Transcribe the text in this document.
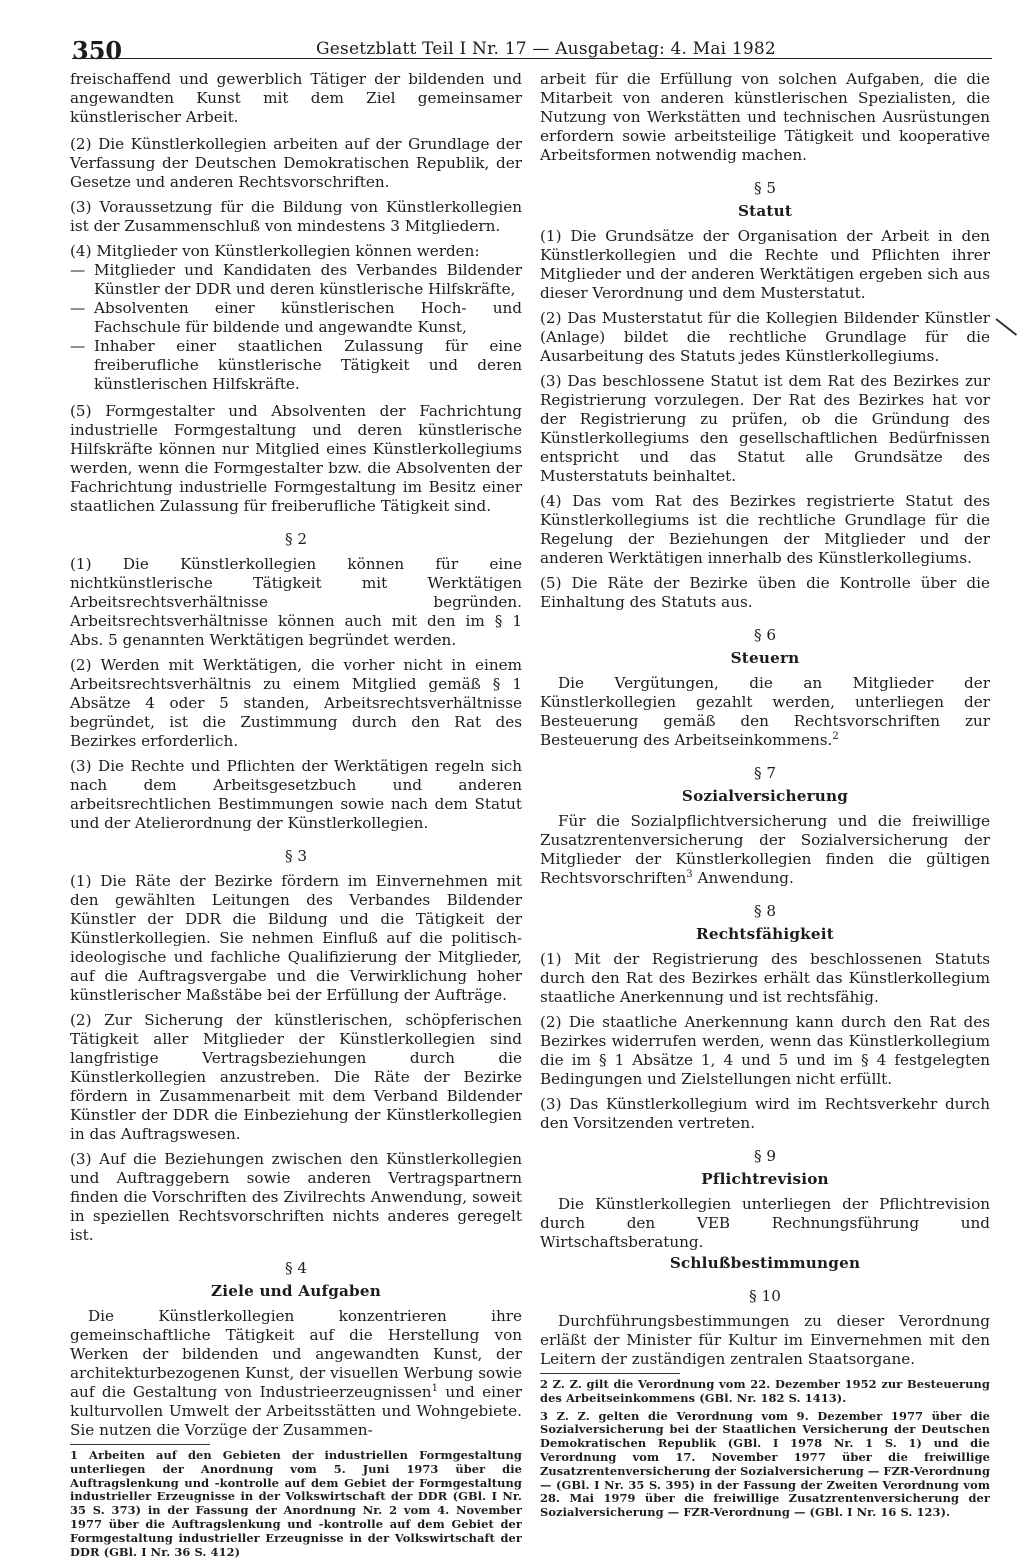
350	Gesetzblatt Teil I Nr. 17 — Ausgabetag: 4. Mai 1982

freischaffend und gewerblich Tätiger der bildenden und angewandten Kunst mit dem Ziel gemeinsamer künstlerischer Arbeit.

(2) Die Künstlerkollegien arbeiten auf der Grundlage der Verfassung der Deutschen Demokratischen Republik, der Gesetze und anderen Rechtsvorschriften.

(3) Voraussetzung für die Bildung von Künstlerkollegien ist der Zusammenschluß von mindestens 3 Mitgliedern.

(4) Mitglieder von Künstlerkollegien können werden:

— Mitglieder und Kandidaten des Verbandes Bildender Künstler der DDR und deren künstlerische Hilfskräfte,
— Absolventen einer künstlerischen Hoch- und Fachschule für bildende und angewandte Kunst,
— Inhaber einer staatlichen Zulassung für eine freiberufliche künstlerische Tätigkeit und deren künstlerischen Hilfskräfte.

(5) Formgestalter und Absolventen der Fachrichtung industrielle Formgestaltung und deren künstlerische Hilfskräfte können nur Mitglied eines Künstlerkollegiums werden, wenn die Formgestalter bzw. die Absolventen der Fachrichtung industrielle Formgestaltung im Besitz einer staatlichen Zulassung für freiberufliche Tätigkeit sind.

§ 2

(1) Die Künstlerkollegien können für eine nichtkünstlerische Tätigkeit mit Werktätigen Arbeitsrechtsverhältnisse begründen. Arbeitsrechtsverhältnisse können auch mit den im § 1 Abs. 5 genannten Werktätigen begründet werden.

(2) Werden mit Werktätigen, die vorher nicht in einem Arbeitsrechtsverhältnis zu einem Mitglied gemäß § 1 Absätze 4 oder 5 standen, Arbeitsrechtsverhältnisse begründet, ist die Zustimmung durch den Rat des Bezirkes erforderlich.

(3) Die Rechte und Pflichten der Werktätigen regeln sich nach dem Arbeitsgesetzbuch und anderen arbeitsrechtlichen Bestimmungen sowie nach dem Statut und der Atelierordnung der Künstlerkollegien.

§ 3

(1) Die Räte der Bezirke fördern im Einvernehmen mit den gewählten Leitungen des Verbandes Bildender Künstler der DDR die Bildung und die Tätigkeit der Künstlerkollegien. Sie nehmen Einfluß auf die politisch-ideologische und fachliche Qualifizierung der Mitglieder, auf die Auftragsvergabe und die Verwirklichung hoher künstlerischer Maßstäbe bei der Erfüllung der Aufträge.

(2) Zur Sicherung der künstlerischen, schöpferischen Tätigkeit aller Mitglieder der Künstlerkollegien sind langfristige Vertragsbeziehungen durch die Künstlerkollegien anzustreben. Die Räte der Bezirke fördern in Zusammenarbeit mit dem Verband Bildender Künstler der DDR die Einbeziehung der Künstlerkollegien in das Auftragswesen.

(3) Auf die Beziehungen zwischen den Künstlerkollegien und Auftraggebern sowie anderen Vertragspartnern finden die Vorschriften des Zivilrechts Anwendung, soweit in speziellen Rechtsvorschriften nichts anderes geregelt ist.

§ 4

Ziele und Aufgaben

Die Künstlerkollegien konzentrieren ihre gemeinschaftliche Tätigkeit auf die Herstellung von Werken der bildenden und angewandten Kunst, der architekturbezogenen Kunst, der visuellen Werbung sowie auf die Gestaltung von Industrieerzeugnissen$^1$ und einer kulturvollen Umwelt der Arbeitsstätten und Wohngebiete. Sie nutzen die Vorzüge der Zusammen-

1 Arbeiten auf den Gebieten der industriellen Formgestaltung unterliegen der Anordnung vom 5. Juni 1973 über die Auftragslenkung und -kontrolle auf dem Gebiet der Formgestaltung industrieller Erzeugnisse in der Volkswirtschaft der DDR (GBl. I Nr. 35 S. 373) in der Fassung der Anordnung Nr. 2 vom 4. November 1977 über die Auftragslenkung und -kontrolle auf dem Gebiet der Formgestaltung industrieller Erzeugnisse in der Volkswirtschaft der DDR (GBl. I Nr. 36 S. 412)

arbeit für die Erfüllung von solchen Aufgaben, die die Mitarbeit von anderen künstlerischen Spezialisten, die Nutzung von Werkstätten und technischen Ausrüstungen erfordern sowie arbeitsteilige Tätigkeit und kooperative Arbeitsformen notwendig machen.

§ 5

Statut

(1) Die Grundsätze der Organisation der Arbeit in den Künstlerkollegien und die Rechte und Pflichten ihrer Mitglieder und der anderen Werktätigen ergeben sich aus dieser Verordnung und dem Musterstatut.

(2) Das Musterstatut für die Kollegien Bildender Künstler (Anlage) bildet die rechtliche Grundlage für die Ausarbeitung des Statuts jedes Künstlerkollegiums.

(3) Das beschlossene Statut ist dem Rat des Bezirkes zur Registrierung vorzulegen. Der Rat des Bezirkes hat vor der Registrierung zu prüfen, ob die Gründung des Künstlerkollegiums den gesellschaftlichen Bedürfnissen entspricht und das Statut alle Grundsätze des Musterstatuts beinhaltet.

(4) Das vom Rat des Bezirkes registrierte Statut des Künstlerkollegiums ist die rechtliche Grundlage für die Regelung der Beziehungen der Mitglieder und der anderen Werktätigen innerhalb des Künstlerkollegiums.

(5) Die Räte der Bezirke üben die Kontrolle über die Einhaltung des Statuts aus.

§ 6

Steuern

Die Vergütungen, die an Mitglieder der Künstlerkollegien gezahlt werden, unterliegen der Besteuerung gemäß den Rechtsvorschriften zur Besteuerung des Arbeitseinkommens.$^2$

§ 7

Sozialversicherung

Für die Sozialpflichtversicherung und die freiwillige Zusatzrentenversicherung der Sozialversicherung der Mitglieder der Künstlerkollegien finden die gültigen Rechtsvorschriften$^3$ Anwendung.

§ 8

Rechtsfähigkeit

(1) Mit der Registrierung des beschlossenen Statuts durch den Rat des Bezirkes erhält das Künstlerkollegium staatliche Anerkennung und ist rechtsfähig.

(2) Die staatliche Anerkennung kann durch den Rat des Bezirkes widerrufen werden, wenn das Künstlerkollegium die im § 1 Absätze 1, 4 und 5 und im § 4 festgelegten Bedingungen und Zielstellungen nicht erfüllt.

(3) Das Künstlerkollegium wird im Rechtsverkehr durch den Vorsitzenden vertreten.

§ 9

Pflichtrevision

Die Künstlerkollegien unterliegen der Pflichtrevision durch den VEB Rechnungsführung und Wirtschaftsberatung.

Schlußbestimmungen

§ 10

Durchführungsbestimmungen zu dieser Verordnung erläßt der Minister für Kultur im Einvernehmen mit den Leitern der zuständigen zentralen Staatsorgane.

2 Z. Z. gilt die Verordnung vom 22. Dezember 1952 zur Besteuerung des Arbeitseinkommens (GBl. Nr. 182 S. 1413).

3 Z. Z. gelten die Verordnung vom 9. Dezember 1977 über die Sozialversicherung bei der Staatlichen Versicherung der Deutschen Demokratischen Republik (GBl. I 1978 Nr. 1 S. 1) und die Verordnung vom 17. November 1977 über die freiwillige Zusatzrentenversicherung der Sozialversicherung — FZR-Verordnung — (GBl. I Nr. 35 S. 395) in der Fassung der Zweiten Verordnung vom 28. Mai 1979 über die freiwillige Zusatzrentenversicherung der Sozialversicherung — FZR-Verordnung — (GBl. I Nr. 16 S. 123).
